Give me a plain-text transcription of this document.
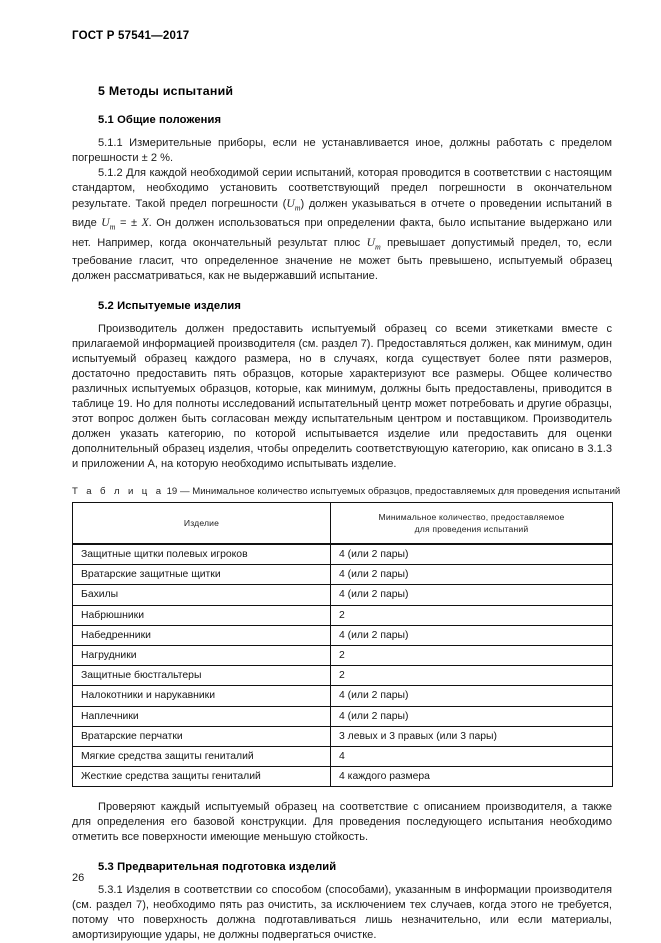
ГОСТ Р 57541—2017
5 Методы испытаний
5.1 Общие положения

5.1.1 Измерительные приборы, если не устанавливается иное, должны работать с пределом погрешности ± 2 %.

5.1.2 Для каждой необходимой серии испытаний, которая проводится в соответствии с настоящим стандартом, необходимо установить соответствующий предел погрешности в окончательном результате. Такой предел погрешности $(U_m)$ должен указываться в отчете о проведении испытаний в виде $U_m$ = ± X. Он должен использоваться при определении факта, было испытание выдержано или нет. Например, когда окончательный результат плюс $U_m$ превышает допустимый предел, то, если требование гласит, что определенное значение не может быть превышено, испытуемый образец должен рассматриваться, как не выдержавший испытание.

5.2 Испытуемые изделия

Производитель должен предоставить испытуемый образец со всеми этикетками вместе с прилагаемой информацией производителя (см. раздел 7). Предоставляться должен, как минимум, один испытуемый образец каждого размера, но в случаях, когда существует более пяти размеров, достаточно предоставить пять образцов, которые характеризуют все размеры. Общее количество различных испытуемых образцов, которые, как минимум, должны быть предоставлены, приводится в таблице 19. Но для полноты исследований испытательный центр может потребовать и другие образцы, этот вопрос должен быть согласован между испытательным центром и поставщиком. Производитель должен указать категорию, по которой испытывается изделие или предоставить для оценки дополнительный образец изделия, чтобы определить соответствующую категорию, как описано в 3.1.3 и приложении А, на которую необходимо испытывать изделие.

Т а б л и ц а 19 — Минимальное количество испытуемых образцов, предоставляемых для проведения испытаний
Изделие	Минимальное количество, предоставляемое
для проведения испытаний
Защитные щитки полевых игроков	4 (или 2 пары)
Вратарские защитные щитки	4 (или 2 пары)
Бахилы	4 (или 2 пары)
Набрюшники	2
Набедренники	4 (или 2 пары)
Нагрудники	2
Защитные бюстгальтеры	2
Налокотники и нарукавники	4 (или 2 пары)
Наплечники	4 (или 2 пары)
Вратарские перчатки	3 левых и 3 правых (или 3 пары)
Мягкие средства защиты гениталий	4
Жесткие средства защиты гениталий	4 каждого размера

Проверяют каждый испытуемый образец на соответствие с описанием производителя, а также для определения его базовой конструкции. Для проведения последующего испытания необходимо отметить все поверхности имеющие меньшую стойкость.

5.3 Предварительная подготовка изделий

5.3.1 Изделия в соответствии со способом (способами), указанным в информации производителя (см. раздел 7), необходимо пять раз очистить, за исключением тех случаев, когда этого не требуется, потому что поверхность должна подготавливаться лишь незначительно, или если материалы, амортизирующие удары, не должны подвергаться очистке.

26
